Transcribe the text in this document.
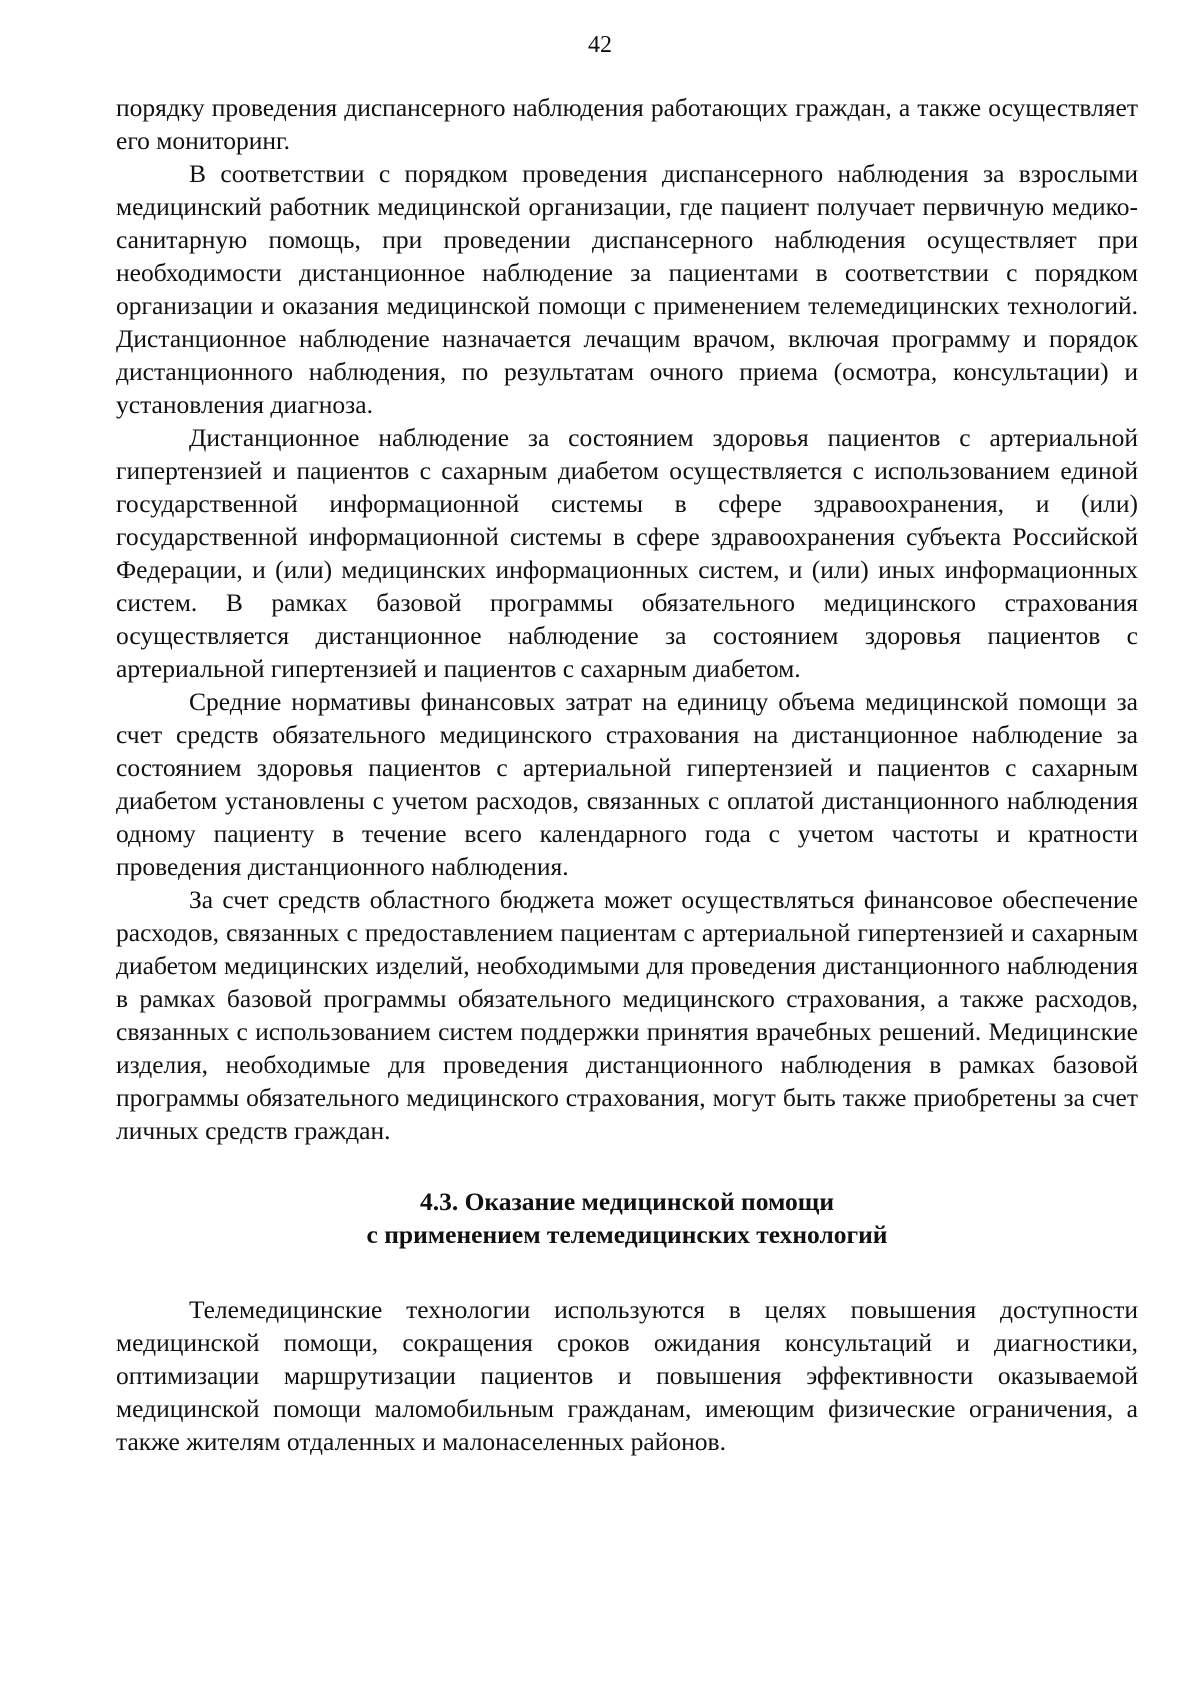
42

порядку проведения диспансерного наблюдения работающих граждан, а также осуществляет его мониторинг.

В соответствии с порядком проведения диспансерного наблюдения за взрослыми медицинский работник медицинской организации, где пациент получает первичную медико-санитарную помощь, при проведении диспансерного наблюдения осуществляет при необходимости дистанционное наблюдение за пациентами в соответствии с порядком организации и оказания медицинской помощи с применением телемедицинских технологий. Дистанционное наблюдение назначается лечащим врачом, включая программу и порядок дистанционного наблюдения, по результатам очного приема (осмотра, консультации) и установления диагноза.

Дистанционное наблюдение за состоянием здоровья пациентов с артериальной гипертензией и пациентов с сахарным диабетом осуществляется с использованием единой государственной информационной системы в сфере здравоохранения, и (или) государственной информационной системы в сфере здравоохранения субъекта Российской Федерации, и (или) медицинских информационных систем, и (или) иных информационных систем. В рамках базовой программы обязательного медицинского страхования осуществляется дистанционное наблюдение за состоянием здоровья пациентов с артериальной гипертензией и пациентов с сахарным диабетом.

Средние нормативы финансовых затрат на единицу объема медицинской помощи за счет средств обязательного медицинского страхования на дистанционное наблюдение за состоянием здоровья пациентов с артериальной гипертензией и пациентов с сахарным диабетом установлены с учетом расходов, связанных с оплатой дистанционного наблюдения одному пациенту в течение всего календарного года с учетом частоты и кратности проведения дистанционного наблюдения.

За счет средств областного бюджета может осуществляться финансовое обеспечение расходов, связанных с предоставлением пациентам с артериальной гипертензией и сахарным диабетом медицинских изделий, необходимыми для проведения дистанционного наблюдения в рамках базовой программы обязательного медицинского страхования, а также расходов, связанных с использованием систем поддержки принятия врачебных решений. Медицинские изделия, необходимые для проведения дистанционного наблюдения в рамках базовой программы обязательного медицинского страхования, могут быть также приобретены за счет личных средств граждан.

4.3. Оказание медицинской помощи
с применением телемедицинских технологий

Телемедицинские технологии используются в целях повышения доступности медицинской помощи, сокращения сроков ожидания консультаций и диагностики, оптимизации маршрутизации пациентов и повышения эффективности оказываемой медицинской помощи маломобильным гражданам, имеющим физические ограничения, а также жителям отдаленных и малонаселенных районов.
